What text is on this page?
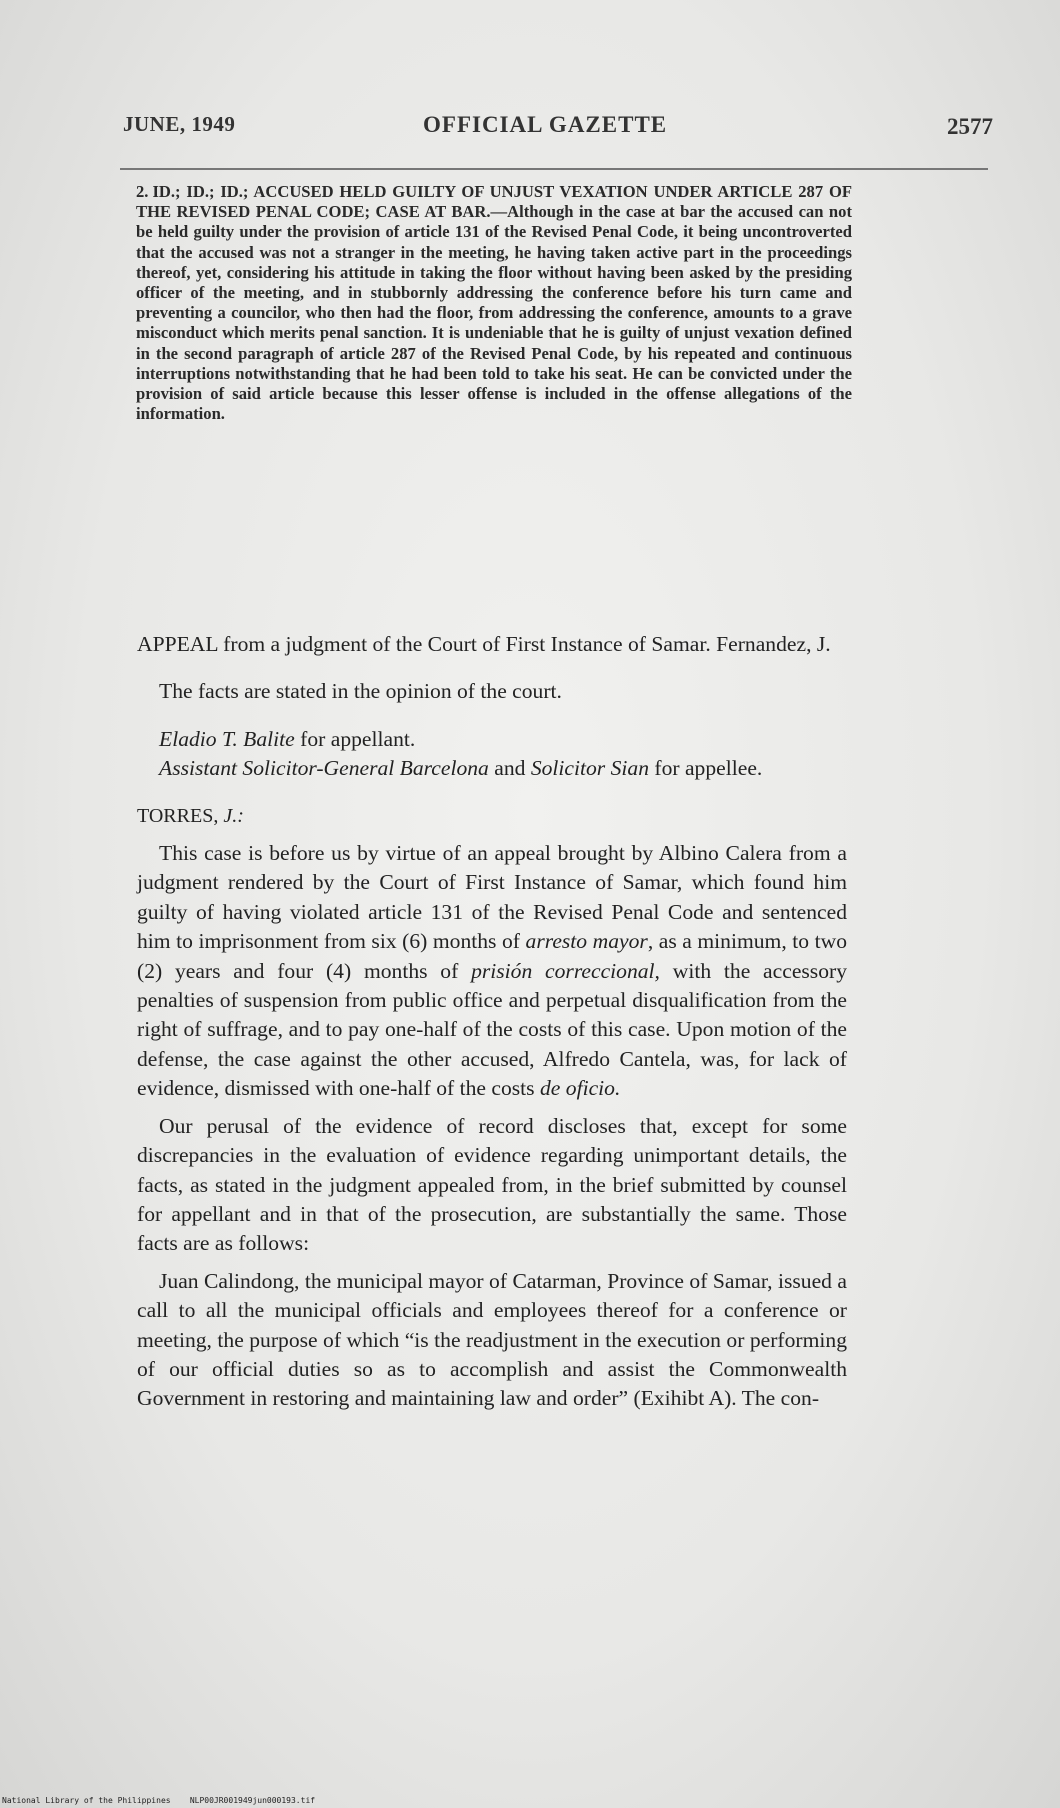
JUNE, 1949	OFFICIAL GAZETTE	2577
2. ID.; ID.; ID.; ACCUSED HELD GUILTY OF UNJUST VEXATION UNDER ARTICLE 287 OF THE REVISED PENAL CODE; CASE AT BAR.—Although in the case at bar the accused can not be held guilty under the provision of article 131 of the Revised Penal Code, it being uncontroverted that the accused was not a stranger in the meeting, he having taken active part in the proceedings thereof, yet, considering his attitude in taking the floor without having been asked by the presiding officer of the meeting, and in stubbornly addressing the conference before his turn came and preventing a councilor, who then had the floor, from addressing the conference, amounts to a grave misconduct which merits penal sanction. It is undeniable that he is guilty of unjust vexation defined in the second paragraph of article 287 of the Revised Penal Code, by his repeated and continuous interruptions notwithstanding that he had been told to take his seat. He can be convicted under the provision of said article because this lesser offense is included in the offense allegations of the information.

APPEAL from a judgment of the Court of First Instance of Samar. Fernandez, J.

The facts are stated in the opinion of the court.

Eladio T. Balite for appellant.

Assistant Solicitor-General Barcelona and Solicitor Sian for appellee.

TORRES, J.:

This case is before us by virtue of an appeal brought by Albino Calera from a judgment rendered by the Court of First Instance of Samar, which found him guilty of having violated article 131 of the Revised Penal Code and sentenced him to imprisonment from six (6) months of arresto mayor, as a minimum, to two (2) years and four (4) months of prisión correccional, with the accessory penalties of suspension from public office and perpetual disqualification from the right of suffrage, and to pay one-half of the costs of this case. Upon motion of the defense, the case against the other accused, Alfredo Cantela, was, for lack of evidence, dismissed with one-half of the costs de oficio.

Our perusal of the evidence of record discloses that, except for some discrepancies in the evaluation of evidence regarding unimportant details, the facts, as stated in the judgment appealed from, in the brief submitted by counsel for appellant and in that of the prosecution, are substantially the same. Those facts are as follows:

Juan Calindong, the municipal mayor of Catarman, Province of Samar, issued a call to all the municipal officials and employees thereof for a conference or meeting, the purpose of which “is the readjustment in the execution or performing of our official duties so as to accomplish and assist the Commonwealth Government in restoring and maintaining law and order” (Exihibt A). The con-

National Library of the Philippines NLP00JR001949jun000193.tif
